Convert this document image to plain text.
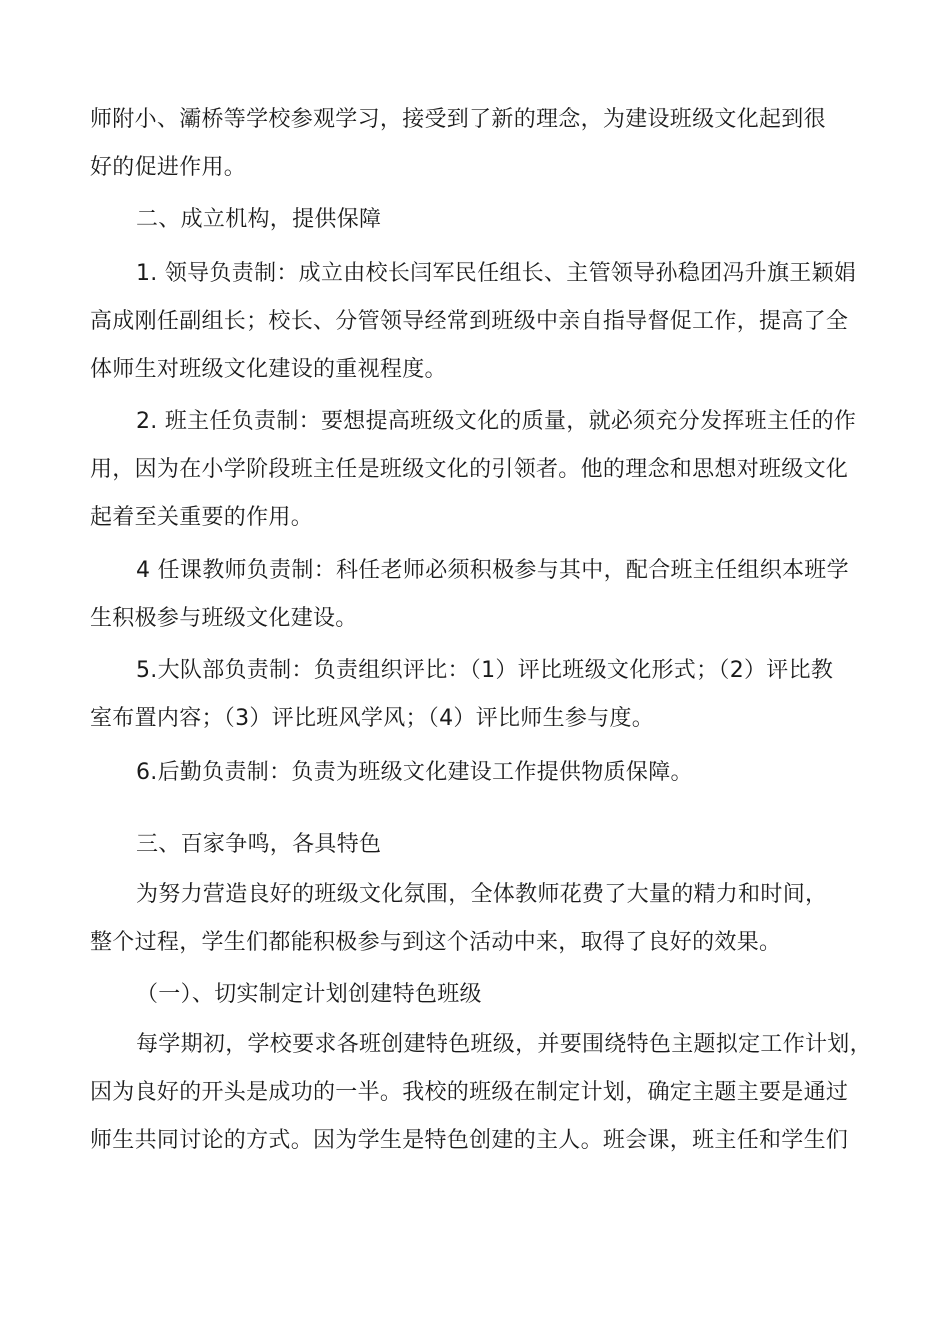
师附小、灞桥等学校参观学习，接受到了新的理念，为建设班级文化起到很
好的促进作用。
二、成立机构，提供保障
1. 领导负责制：成立由校长闫军民任组长、主管领导孙稳团冯升旗王颖娟
高成刚任副组长；校长、分管领导经常到班级中亲自指导督促工作，提高了全
体师生对班级文化建设的重视程度。
2. 班主任负责制：要想提高班级文化的质量，就必须充分发挥班主任的作
用，因为在小学阶段班主任是班级文化的引领者。他的理念和思想对班级文化
起着至关重要的作用。
4 任课教师负责制：科任老师必须积极参与其中，配合班主任组织本班学
生积极参与班级文化建设。
5.大队部负责制：负责组织评比：（1）评比班级文化形式；（2）评比教
室布置内容；（3）评比班风学风；（4）评比师生参与度。
6.后勤负责制：负责为班级文化建设工作提供物质保障。
三、百家争鸣，各具特色
为努力营造良好的班级文化氛围，全体教师花费了大量的精力和时间，
整个过程，学生们都能积极参与到这个活动中来，取得了良好的效果。
（一）、切实制定计划创建特色班级
每学期初，学校要求各班创建特色班级，并要围绕特色主题拟定工作计划，
因为良好的开头是成功的一半。我校的班级在制定计划，确定主题主要是通过
师生共同讨论的方式。因为学生是特色创建的主人。班会课，班主任和学生们
